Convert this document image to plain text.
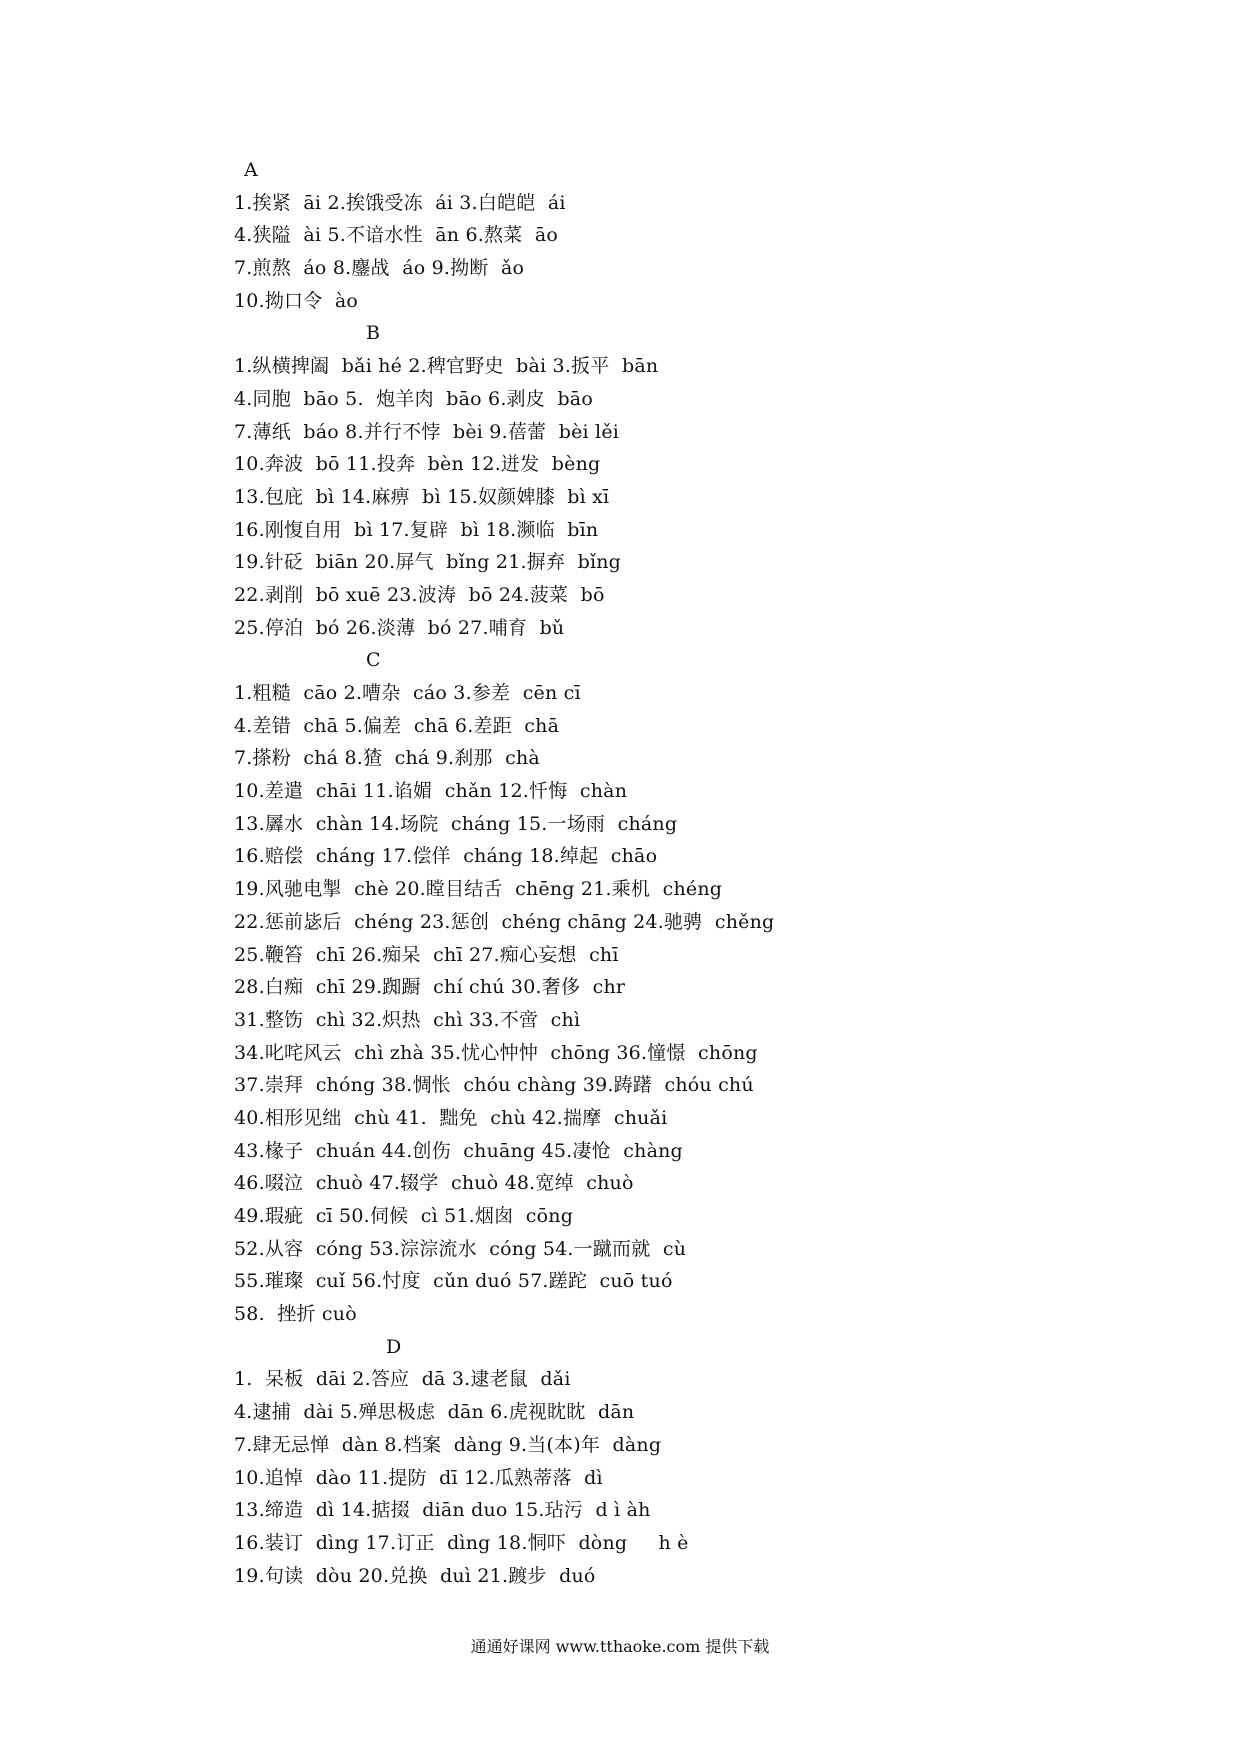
A
1.挨紧  āi 2.挨饿受冻  ái 3.白皑皑  ái
4.狭隘  ài 5.不谙水性  ān 6.熬菜  āo
7.煎熬  áo 8.鏖战  áo 9.拗断  ǎo
10.拗口令  ào
B
1.纵横捭阖  bǎi hé 2.稗官野史  bài 3.扳平  bān
4.同胞  bāo 5.  炮羊肉  bāo 6.剥皮  bāo
7.薄纸  báo 8.并行不悖  bèi 9.蓓蕾  bèi lěi
10.奔波  bō 11.投奔  bèn 12.迸发  bèng
13.包庇  bì 14.麻痹  bì 15.奴颜婢膝  bì xī
16.刚愎自用  bì 17.复辟  bì 18.濒临  bīn
19.针砭  biān 20.屏气  bǐng 21.摒弃  bǐng
22.剥削  bō xuē 23.波涛  bō 24.菠菜  bō
25.停泊  bó 26.淡薄  bó 27.哺育  bǔ
C
1.粗糙  cāo 2.嘈杂  cáo 3.参差  cēn cī
4.差错  chā 5.偏差  chā 6.差距  chā
7.搽粉  chá 8.猹  chá 9.刹那  chà
10.差遣  chāi 11.谄媚  chǎn 12.忏悔  chàn
13.羼水  chàn 14.场院  cháng 15.一场雨  cháng
16.赔偿  cháng 17.偿佯  cháng 18.绰起  chāo
19.风驰电掣  chè 20.瞠目结舌  chēng 21.乘机  chéng
22.惩前毖后  chéng 23.惩创  chéng chāng 24.驰骋  chěng
25.鞭笞  chī 26.痴呆  chī 27.痴心妄想  chī
28.白痴  chī 29.踟蹰  chí chú 30.奢侈  chr
31.整饬  chì 32.炽热  chì 33.不啻  chì
34.叱咤风云  chì zhà 35.忧心忡忡  chōng 36.憧憬  chōng
37.崇拜  chóng 38.惆怅  chóu chàng 39.踌躇  chóu chú
40.相形见绌  chù 41.  黜免  chù 42.揣摩  chuǎi
43.椽子  chuán 44.创伤  chuāng 45.凄怆  chàng
46.啜泣  chuò 47.辍学  chuò 48.宽绰  chuò
49.瑕疵  cī 50.伺候  cì 51.烟囱  cōng
52.从容  cóng 53.淙淙流水  cóng 54.一蹴而就  cù
55.璀璨  cuǐ 56.忖度  cǔn duó 57.蹉跎  cuō tuó
58.  挫折 cuò
D
1.  呆板  dāi 2.答应  dā 3.逮老鼠  dǎi
4.逮捕  dài 5.殚思极虑  dān 6.虎视眈眈  dān
7.肆无忌惮  dàn 8.档案  dàng 9.当(本)年  dàng
10.追悼  dào 11.提防  dī 12.瓜熟蒂落  dì
13.缔造  dì 14.掂掇  diān duo 15.玷污  d ì àh
16.装订  dìng 17.订正  dìng 18.恫吓  dòng     h è
19.句读  dòu 20.兑换  duì 21.踱步  duó
通通好课网 www.tthaoke.com 提供下载
